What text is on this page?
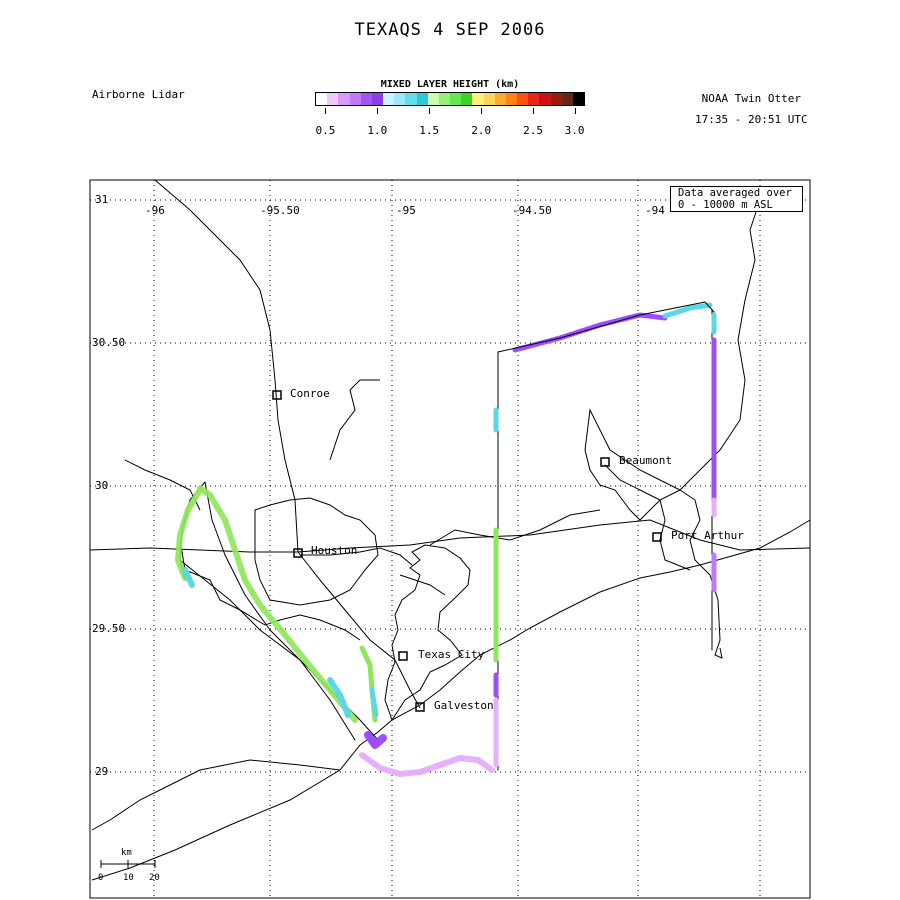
TEXAQS 4 SEP 2006
Airborne Lidar	NOAA Twin Otter
17:35 - 20:51 UTC
MIXED LAYER HEIGHT (km)
0.5	1.0	1.5	2.0	2.5 3.0
31
30.50
30
29.50
29
-96	-95.50	-95	-94.50	-94
Conroe
Houston
Texas City
Galveston
Beaumont
Port Arthur
km
0 10 20
Data averaged over
0 - 10000 m ASL
